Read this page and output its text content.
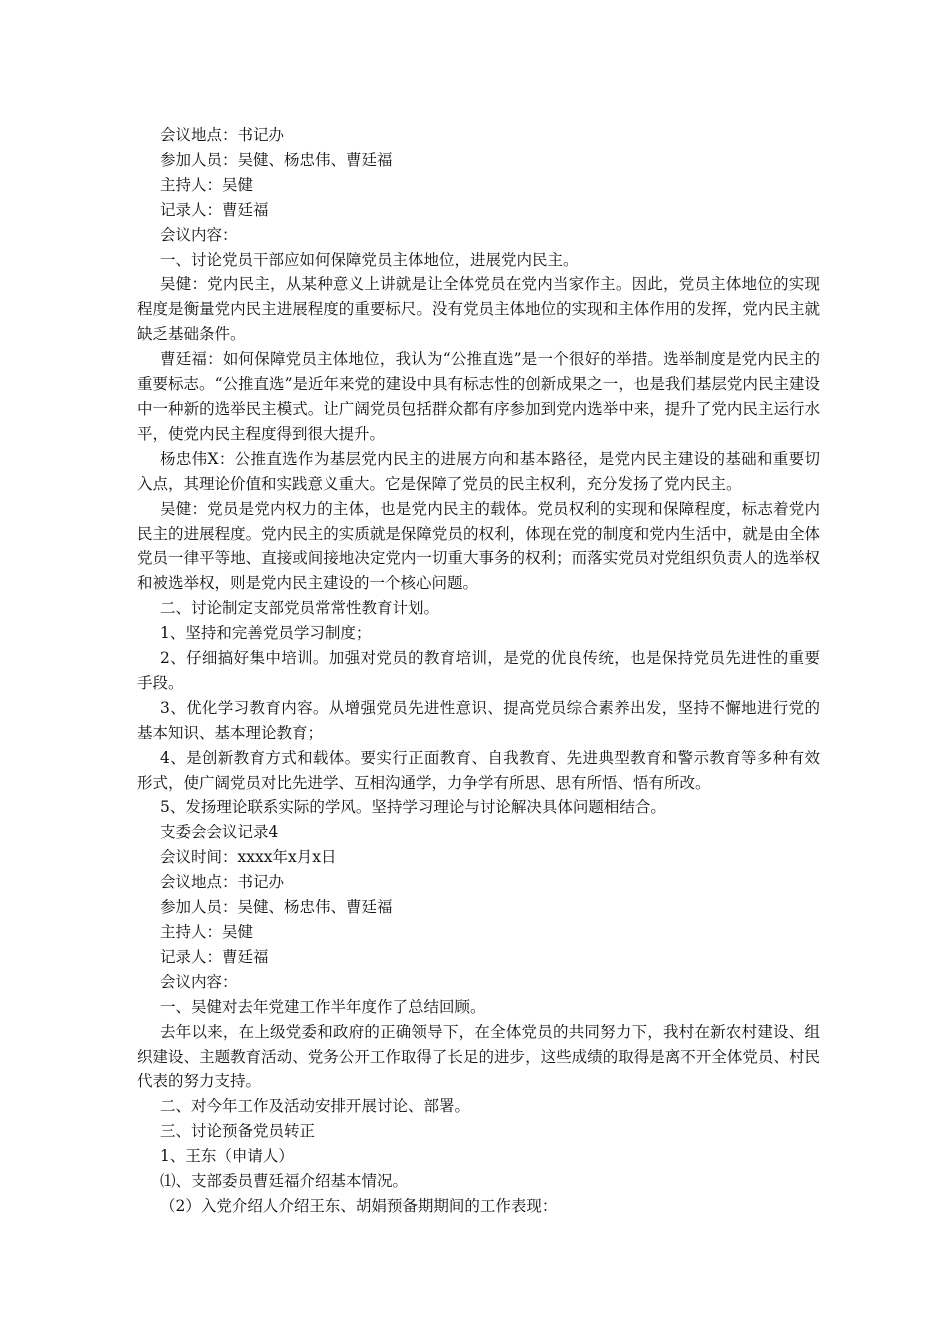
会议地点：书记办

参加人员：吴健、杨忠伟、曹廷福

主持人：吴健

记录人：曹廷福

会议内容：

一、讨论党员干部应如何保障党员主体地位，进展党内民主。

吴健：党内民主，从某种意义上讲就是让全体党员在党内当家作主。因此，党员主体地位的实现程度是衡量党内民主进展程度的重要标尺。没有党员主体地位的实现和主体作用的发挥，党内民主就缺乏基础条件。

曹廷福：如何保障党员主体地位，我认为“公推直选”是一个很好的举措。选举制度是党内民主的重要标志。“公推直选”是近年来党的建设中具有标志性的创新成果之一，也是我们基层党内民主建设中一种新的选举民主模式。让广阔党员包括群众都有序参加到党内选举中来，提升了党内民主运行水平，使党内民主程度得到很大提升。

杨忠伟X：公推直选作为基层党内民主的进展方向和基本路径，是党内民主建设的基础和重要切入点，其理论价值和实践意义重大。它是保障了党员的民主权利，充分发扬了党内民主。

吴健：党员是党内权力的主体，也是党内民主的载体。党员权利的实现和保障程度，标志着党内民主的进展程度。党内民主的实质就是保障党员的权利，体现在党的制度和党内生活中，就是由全体党员一律平等地、直接或间接地决定党内一切重大事务的权利；而落实党员对党组织负责人的选举权和被选举权，则是党内民主建设的一个核心问题。

二、讨论制定支部党员常常性教育计划。

1、坚持和完善党员学习制度；

2、仔细搞好集中培训。加强对党员的教育培训，是党的优良传统，也是保持党员先进性的重要手段。

3、优化学习教育内容。从增强党员先进性意识、提高党员综合素养出发，坚持不懈地进行党的基本知识、基本理论教育；

4、是创新教育方式和载体。要实行正面教育、自我教育、先进典型教育和警示教育等多种有效形式，使广阔党员对比先进学、互相沟通学，力争学有所思、思有所悟、悟有所改。

5、发扬理论联系实际的学风。坚持学习理论与讨论解决具体问题相结合。

支委会会议记录4

会议时间：xxxx年x月x日

会议地点：书记办

参加人员：吴健、杨忠伟、曹廷福

主持人：吴健

记录人：曹廷福

会议内容：

一、吴健对去年党建工作半年度作了总结回顾。

去年以来，在上级党委和政府的正确领导下，在全体党员的共同努力下，我村在新农村建设、组织建设、主题教育活动、党务公开工作取得了长足的进步，这些成绩的取得是离不开全体党员、村民代表的努力支持。

二、对今年工作及活动安排开展讨论、部署。

三、讨论预备党员转正

1、王东（申请人）

⑴、支部委员曹廷福介绍基本情况。

（2）入党介绍人介绍王东、胡娟预备期期间的工作表现：
